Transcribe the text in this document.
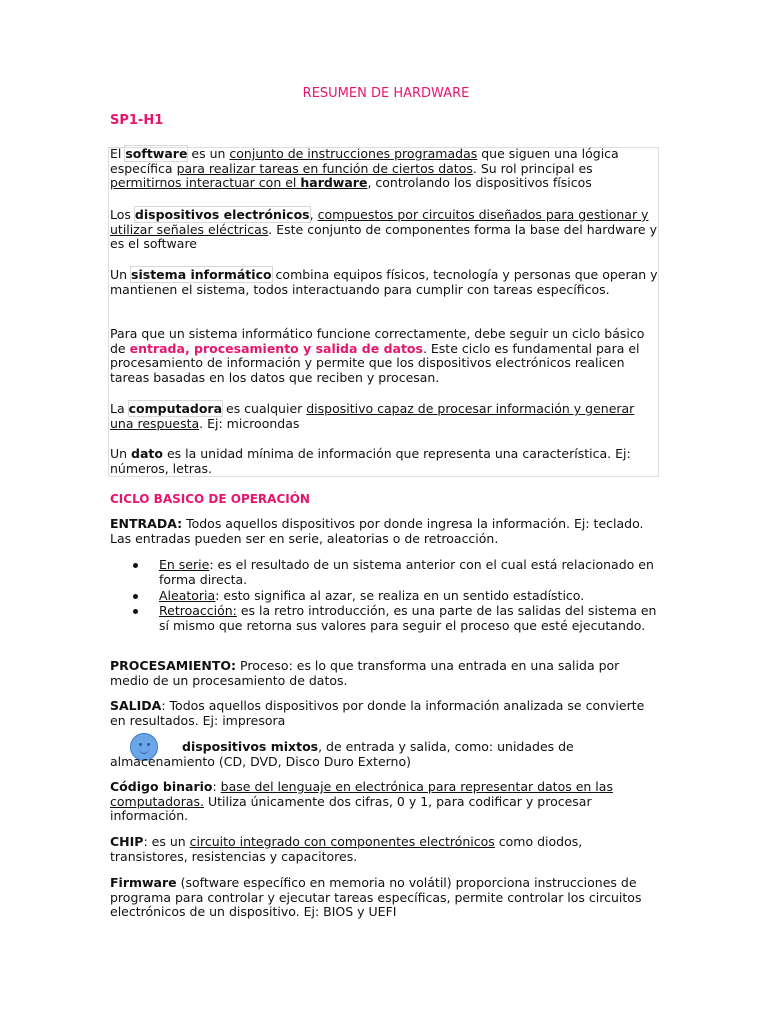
RESUMEN DE HARDWARE
SP1-H1

El software es un conjunto de instrucciones programadas que siguen una lógica específica para realizar tareas en función de ciertos datos. Su rol principal es permitirnos interactuar con el hardware, controlando los dispositivos físicos

Los dispositivos electrónicos, compuestos por circuitos diseñados para gestionar y utilizar señales eléctricas. Este conjunto de componentes forma la base del hardware y es el software

Un sistema informático combina equipos físicos, tecnología y personas que operan y mantienen el sistema, todos interactuando para cumplir con tareas específicos.

Para que un sistema informático funcione correctamente, debe seguir un ciclo básico de entrada, procesamiento y salida de datos. Este ciclo es fundamental para el procesamiento de información y permite que los dispositivos electrónicos realicen tareas basadas en los datos que reciben y procesan.

La computadora es cualquier dispositivo capaz de procesar información y generar una respuesta. Ej: microondas

Un dato es la unidad mínima de información que representa una característica. Ej: números, letras.

CICLO BASICO DE OPERACIÓN

ENTRADA: Todos aquellos dispositivos por donde ingresa la información. Ej: teclado. Las entradas pueden ser en serie, aleatorias o de retroacción.

En serie: es el resultado de un sistema anterior con el cual está relacionado en forma directa.
Aleatoria: esto significa al azar, se realiza en un sentido estadístico.
Retroacción: es la retro introducción, es una parte de las salidas del sistema en sí mismo que retorna sus valores para seguir el proceso que esté ejecutando.

PROCESAMIENTO: Proceso: es lo que transforma una entrada en una salida por medio de un procesamiento de datos.

SALIDA: Todos aquellos dispositivos por donde la información analizada se convierte en resultados. Ej: impresora

dispositivos mixtos, de entrada y salida, como: unidades de almacenamiento (CD, DVD, Disco Duro Externo)

Código binario: base del lenguaje en electrónica para representar datos en las computadoras. Utiliza únicamente dos cifras, 0 y 1, para codificar y procesar información.

CHIP: es un circuito integrado con componentes electrónicos como diodos, transistores, resistencias y capacitores.

Firmware (software específico en memoria no volátil) proporciona instrucciones de programa para controlar y ejecutar tareas específicas, permite controlar los circuitos electrónicos de un dispositivo. Ej: BIOS y UEFI
